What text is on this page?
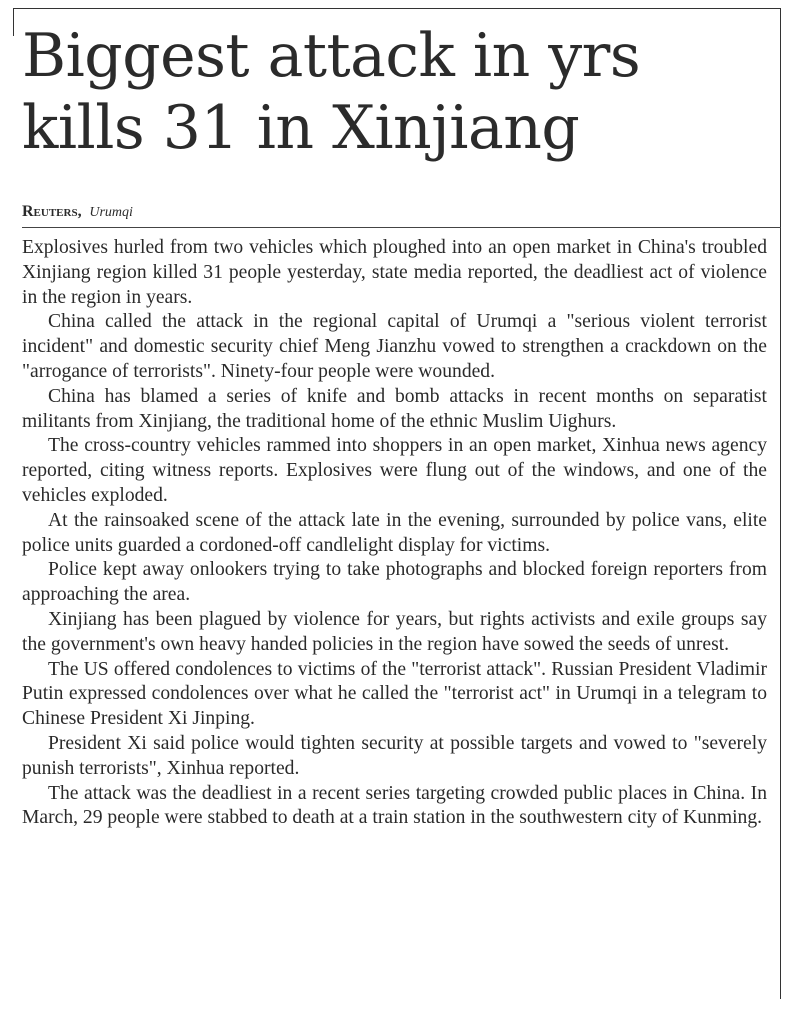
Biggest attack in yrs
kills 31 in Xinjiang
Reuters, Urumqi

Explosives hurled from two vehicles which ploughed into an open market in China's troubled Xinjiang region killed 31 people yesterday, state media reported, the deadliest act of violence in the region in years.

China called the attack in the regional capital of Urumqi a "serious violent terrorist incident" and domestic security chief Meng Jianzhu vowed to strengthen a crackdown on the "arrogance of terrorists". Ninety-four people were wounded.

China has blamed a series of knife and bomb attacks in recent months on separatist militants from Xinjiang, the traditional home of the ethnic Muslim Uighurs.

The cross-country vehicles rammed into shoppers in an open market, Xinhua news agency reported, citing witness reports. Explosives were flung out of the windows, and one of the vehicles exploded.

At the rainsoaked scene of the attack late in the evening, surrounded by police vans, elite police units guarded a cordoned-off candlelight display for victims.

Police kept away onlookers trying to take photographs and blocked foreign reporters from approaching the area.

Xinjiang has been plagued by violence for years, but rights activists and exile groups say the government's own heavy handed policies in the region have sowed the seeds of unrest.

The US offered condolences to victims of the "terrorist attack". Russian President Vladimir Putin expressed condolences over what he called the "terrorist act" in Urumqi in a telegram to Chinese President Xi Jinping.

President Xi said police would tighten security at possible targets and vowed to "severely punish terrorists", Xinhua reported.

The attack was the deadliest in a recent series targeting crowded public places in China. In March, 29 people were stabbed to death at a train station in the southwestern city of Kunming.
